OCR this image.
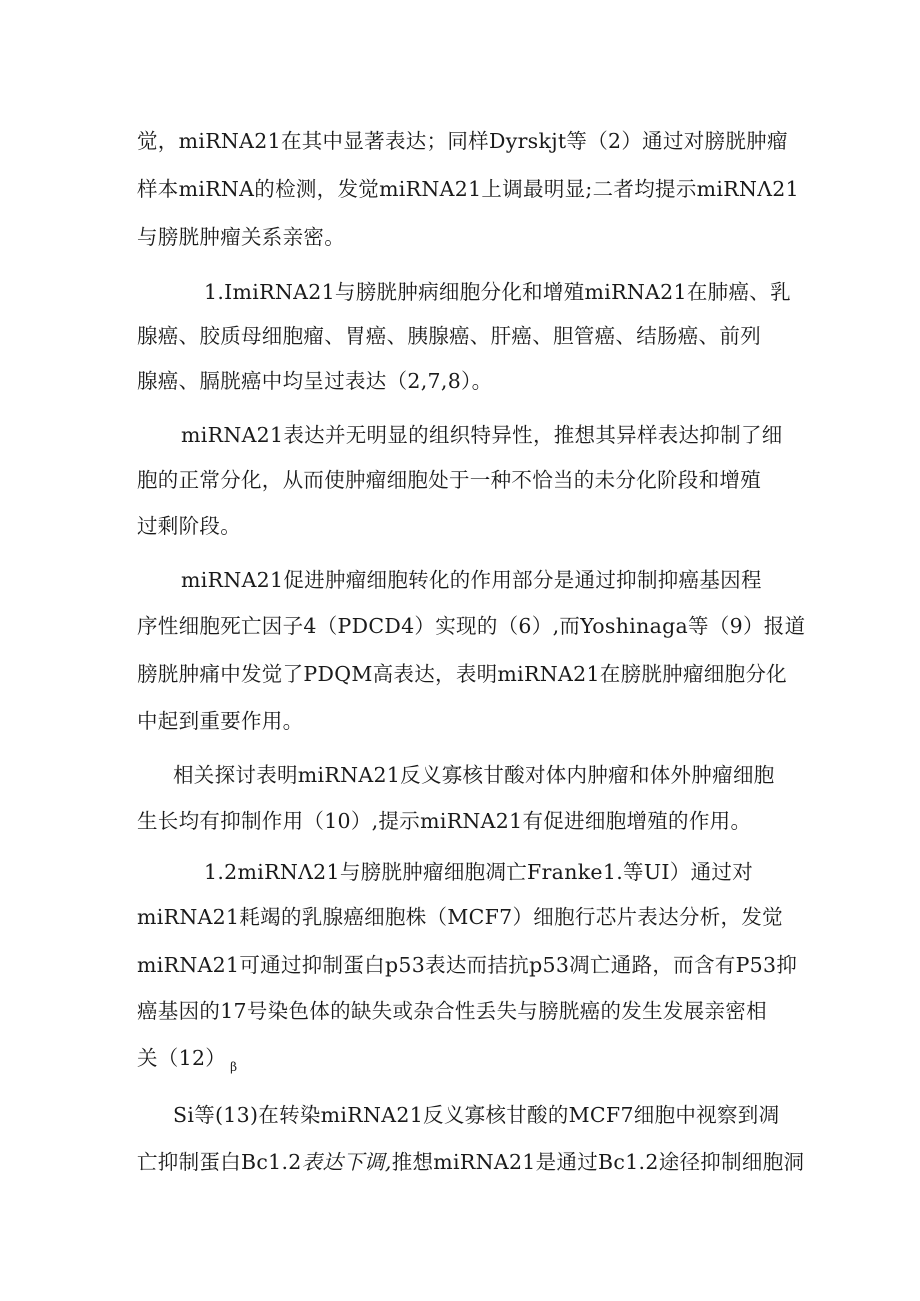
觉，miRNA21在其中显著表达；同样Dyrskjt等（2）通过对膀胱肿瘤
样本miRNA的检测，发觉miRNA21上调最明显;二者均提示miRNΛ21
与膀胱肿瘤关系亲密。
1.ImiRNA21与膀胱肿病细胞分化和增殖miRNA21在肺癌、乳
腺癌、胶质母细胞瘤、胃癌、胰腺癌、肝癌、胆管癌、结肠癌、前列
腺癌、膈胱癌中均呈过表达（2,7,8）。
miRNA21表达并无明显的组织特异性，推想其异样表达抑制了细
胞的正常分化，从而使肿瘤细胞处于一种不恰当的未分化阶段和增殖
过剩阶段。
miRNA21促进肿瘤细胞转化的作用部分是通过抑制抑癌基因程
序性细胞死亡因子4（PDCD4）实现的（6）,而Yoshinaga等（9）报道
膀胱肿痛中发觉了PDQM高表达，表明miRNA21在膀胱肿瘤细胞分化
中起到重要作用。
相关探讨表明miRNA21反义寡核甘酸对体内肿瘤和体外肿瘤细胞
生长均有抑制作用（10）,提示miRNA21有促进细胞增殖的作用。
1.2miRNΛ21与膀胱肿瘤细胞凋亡Franke1.等UI）通过对
miRNA21耗竭的乳腺癌细胞株（MCF7）细胞行芯片表达分析，发觉
miRNA21可通过抑制蛋白p53表达而拮抗p53凋亡通路，而含有P53抑
癌基因的17号染色体的缺失或杂合性丢失与膀胱癌的发生发展亲密相
关（12） $_\beta$
Si等(13)在转染miRNA21反义寡核甘酸的MCF7细胞中视察到凋
亡抑制蛋白Bc1.2表达下调,推想miRNA21是通过Bc1.2途径抑制细胞洞
